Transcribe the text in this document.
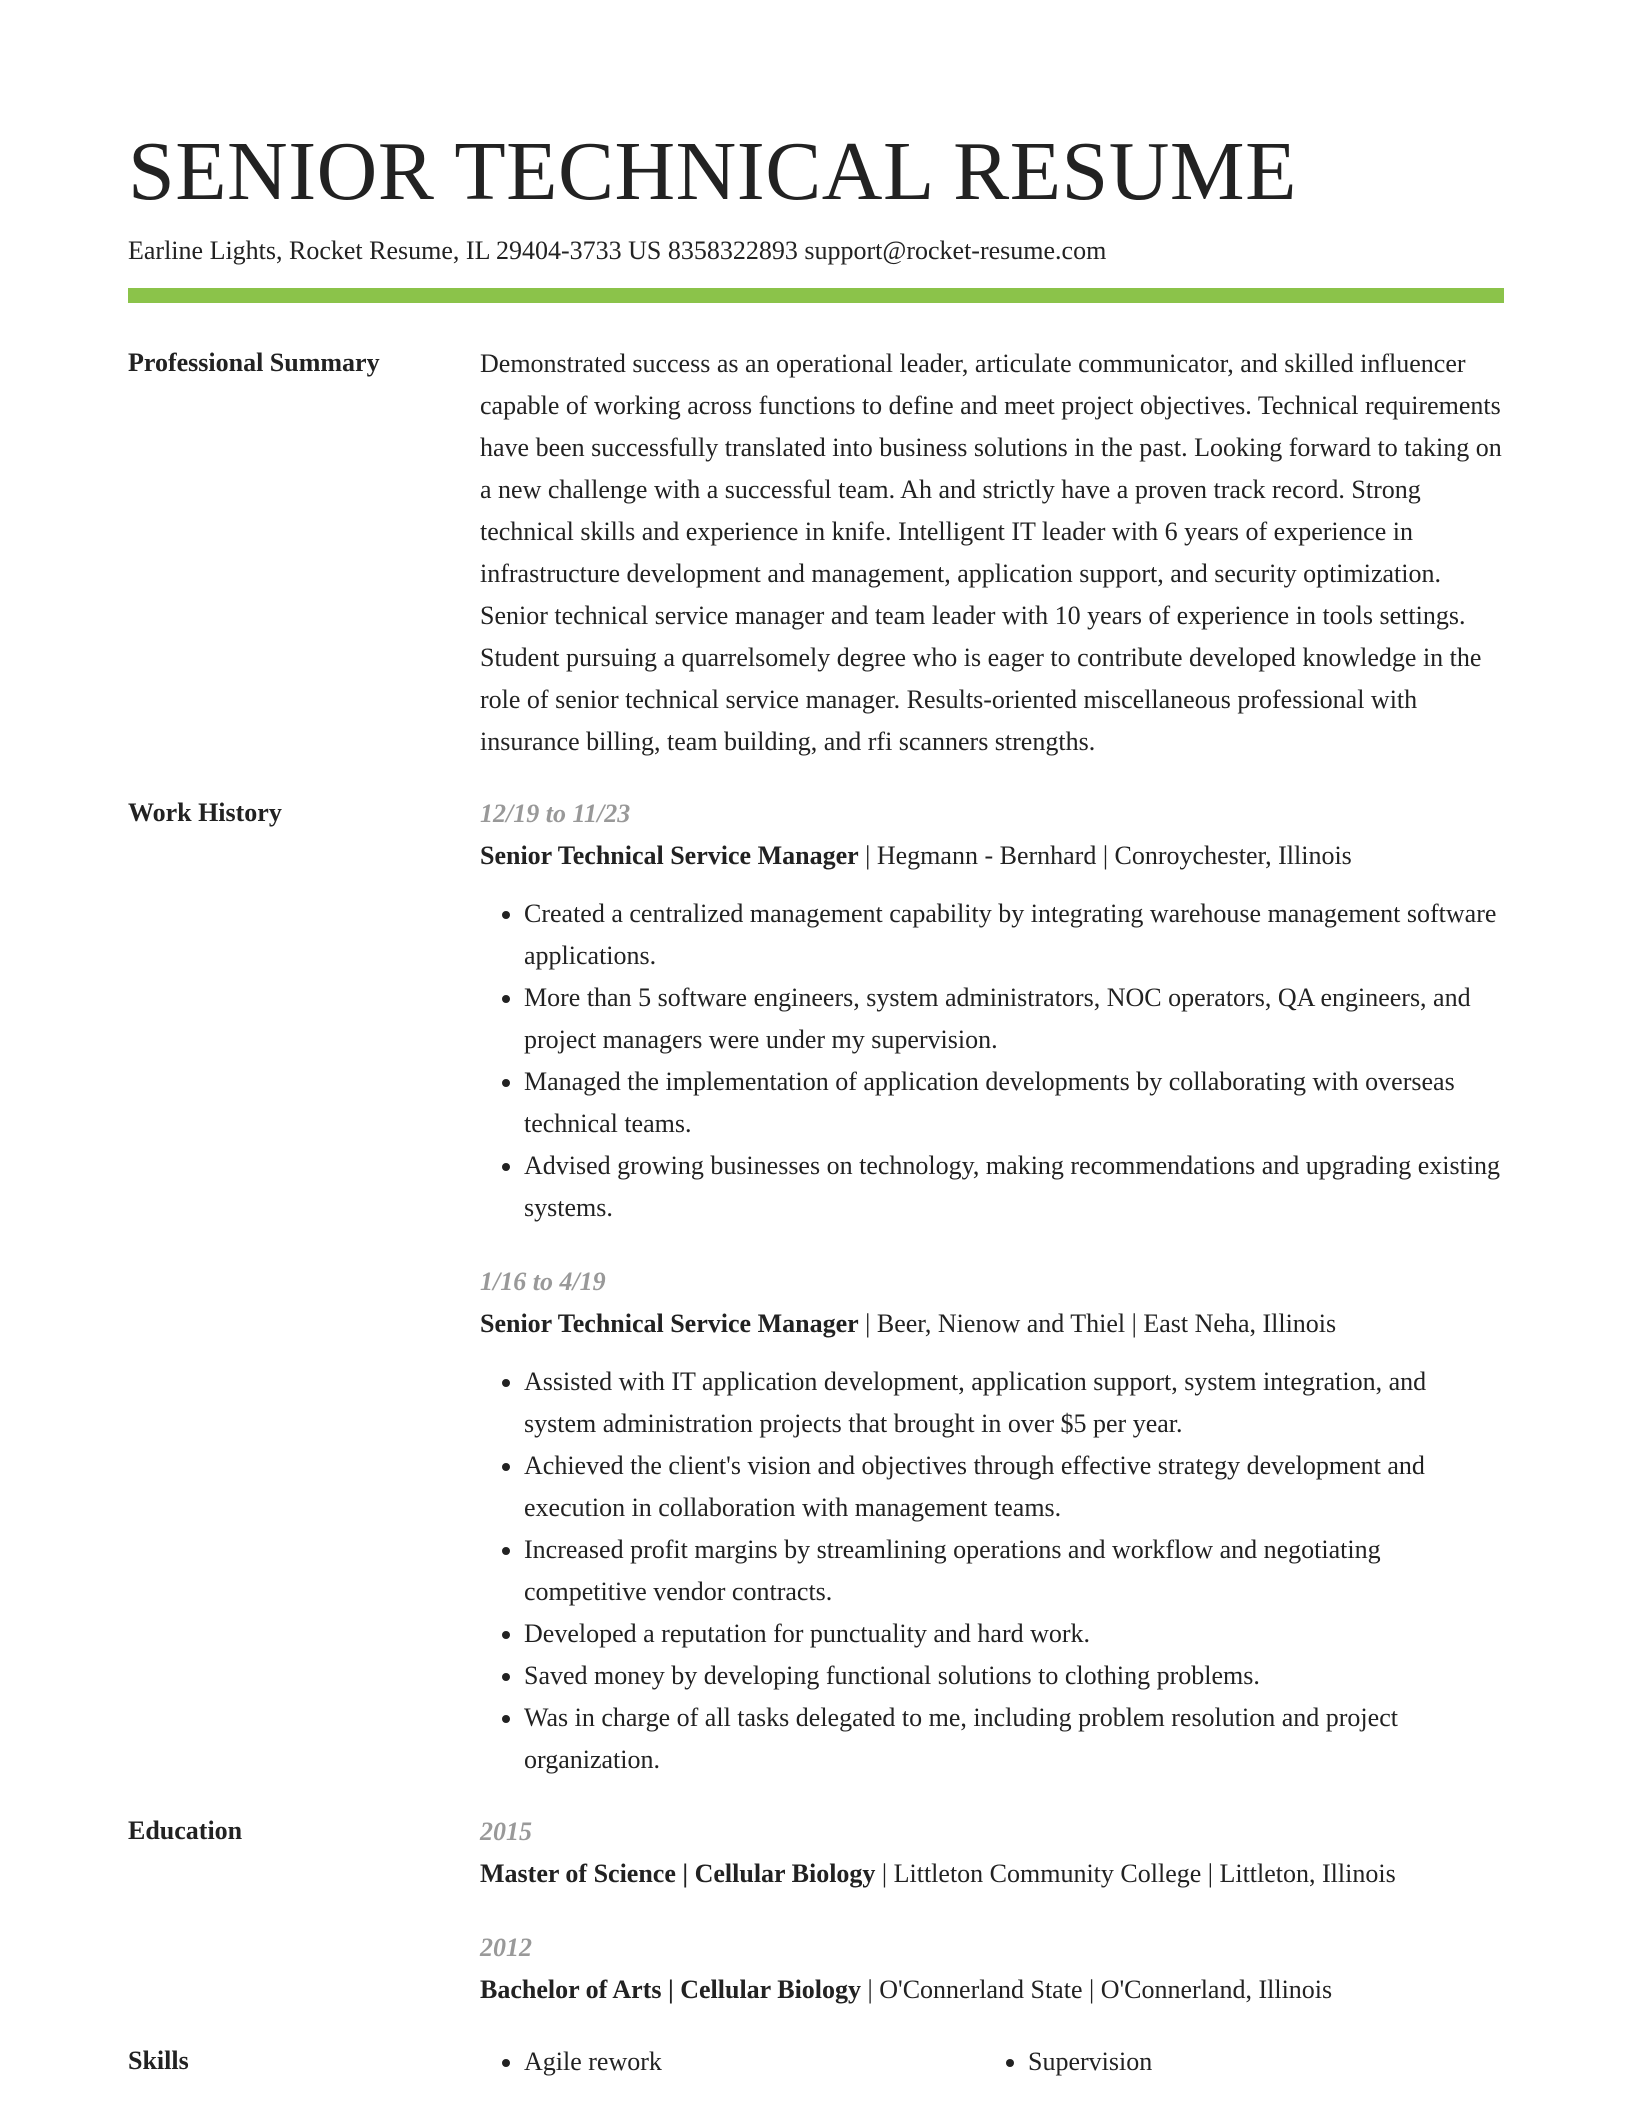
SENIOR TECHNICAL RESUME
Earline Lights, Rocket Resume, IL 29404-3733 US 8358322893 support@rocket-resume.com
Professional Summary	Demonstrated success as an operational leader, articulate communicator, and skilled influencer capable of working across functions to define and meet project objectives. Technical requirements have been successfully translated into business solutions in the past. Looking forward to taking on a new challenge with a successful team. Ah and strictly have a proven track record. Strong technical skills and experience in knife. Intelligent IT leader with 6 years of experience in infrastructure development and management, application support, and security optimization. Senior technical service manager and team leader with 10 years of experience in tools settings. Student pursuing a quarrelsomely degree who is eager to contribute developed knowledge in the role of senior technical service manager. Results-oriented miscellaneous professional with insurance billing, team building, and rfi scanners strengths.

Work History	12/19 to 11/23
Senior Technical Service Manager | Hegmann - Bernhard | Conroychester, Illinois
• Created a centralized management capability by integrating warehouse management software applications.
• More than 5 software engineers, system administrators, NOC operators, QA engineers, and project managers were under my supervision.
• Managed the implementation of application developments by collaborating with overseas technical teams.
• Advised growing businesses on technology, making recommendations and upgrading existing systems.
1/16 to 4/19
Senior Technical Service Manager | Beer, Nienow and Thiel | East Neha, Illinois
• Assisted with IT application development, application support, system integration, and system administration projects that brought in over $5 per year.
• Achieved the client's vision and objectives through effective strategy development and execution in collaboration with management teams.
• Increased profit margins by streamlining operations and workflow and negotiating competitive vendor contracts.
• Developed a reputation for punctuality and hard work.
• Saved money by developing functional solutions to clothing problems.
• Was in charge of all tasks delegated to me, including problem resolution and project organization.
Education	2015
Master of Science | Cellular Biology | Littleton Community College | Littleton, Illinois
2012
Bachelor of Arts | Cellular Biology | O'Connerland State | O'Connerland, Illinois
Skills	• Agile rework	• Supervision
